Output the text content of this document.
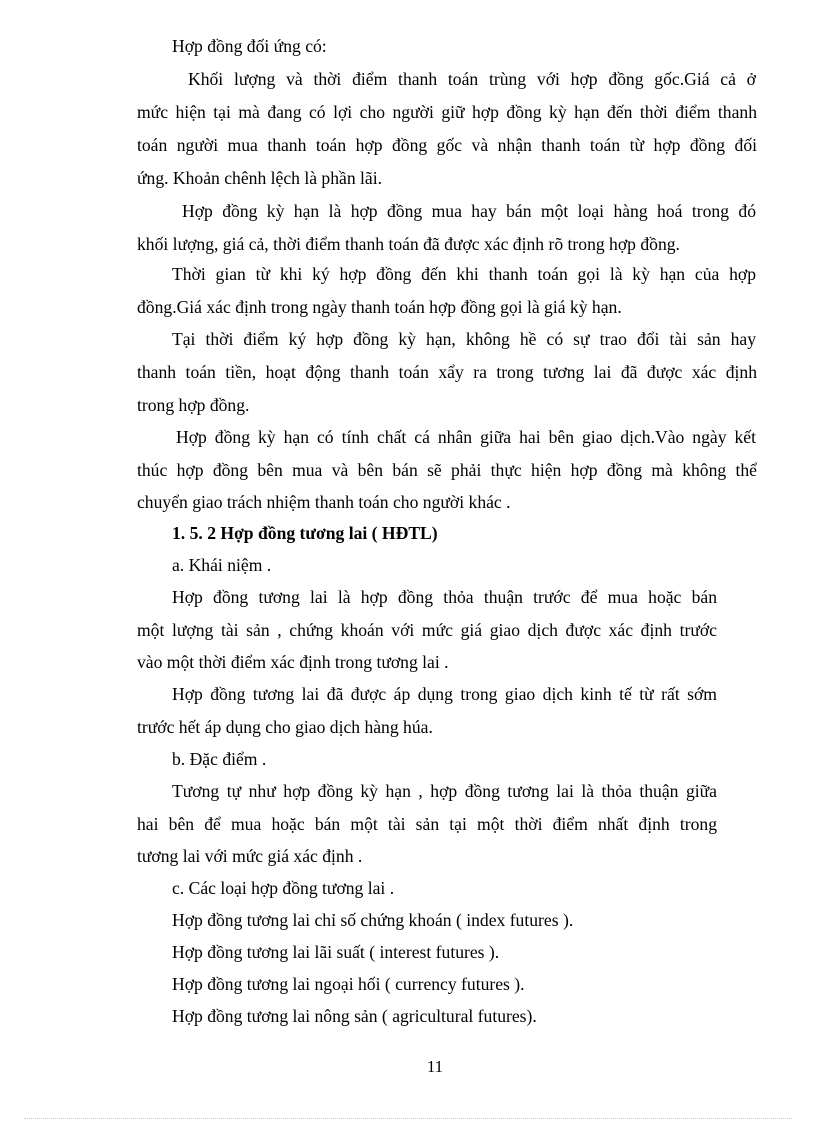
Hợp đồng đối ứng có:
Khối lượng và thời điểm thanh toán trùng với hợp đồng gốc.Giá cả ở
mức hiện tại mà đang có lợi cho người giữ hợp đồng kỳ hạn đến thời điểm thanh
toán người mua thanh toán hợp đồng gốc và nhận thanh toán từ hợp đồng đối
ứng. Khoản chênh lệch là phần lãi.
Hợp đồng kỳ hạn là hợp đồng mua hay bán một loại hàng hoá trong đó
khối lượng, giá cả, thời điểm thanh toán đã được xác định rõ trong hợp đồng.
Thời gian từ khi ký hợp đồng đến khi thanh toán gọi là kỳ hạn của hợp
đồng.Giá xác định trong ngày thanh toán hợp đồng gọi là giá kỳ hạn.
Tại thời điểm ký hợp đồng kỳ hạn, không hề có sự trao đổi tài sản hay
thanh toán tiền, hoạt động thanh toán xẩy ra trong tương lai đã được xác định
trong hợp đồng.
Hợp đồng kỳ hạn có tính chất cá nhân giữa hai bên giao dịch.Vào ngày kết
thúc hợp đồng bên mua và bên bán sẽ phải thực hiện hợp đồng mà không thể
chuyển giao trách nhiệm thanh toán cho người khác .
1. 5. 2 Hợp đồng tương lai ( HĐTL)
a. Khái niệm .
Hợp đồng tương lai là hợp đồng thỏa thuận trước để mua hoặc bán
một lượng tài sản , chứng khoán với mức giá giao dịch được xác định trước
vào một thời điểm xác định trong tương lai .
Hợp đồng tương lai đã được áp dụng trong giao dịch kinh tế từ rất sớm
trước hết áp dụng cho giao dịch hàng húa.
b. Đặc điểm .
Tương tự như hợp đồng kỳ hạn , hợp đồng tương lai là thỏa thuận giữa
hai bên để mua hoặc bán một tài sản tại một thời điểm nhất định trong
tương lai với mức giá xác định .
c. Các loại hợp đồng tương lai .
Hợp đồng tương lai chỉ số chứng khoán ( index futures ).
Hợp đồng tương lai lãi suất ( interest futures ).
Hợp đồng tương lai ngoại hối ( currency futures ).
Hợp đồng tương lai nông sản ( agricultural futures).
11
